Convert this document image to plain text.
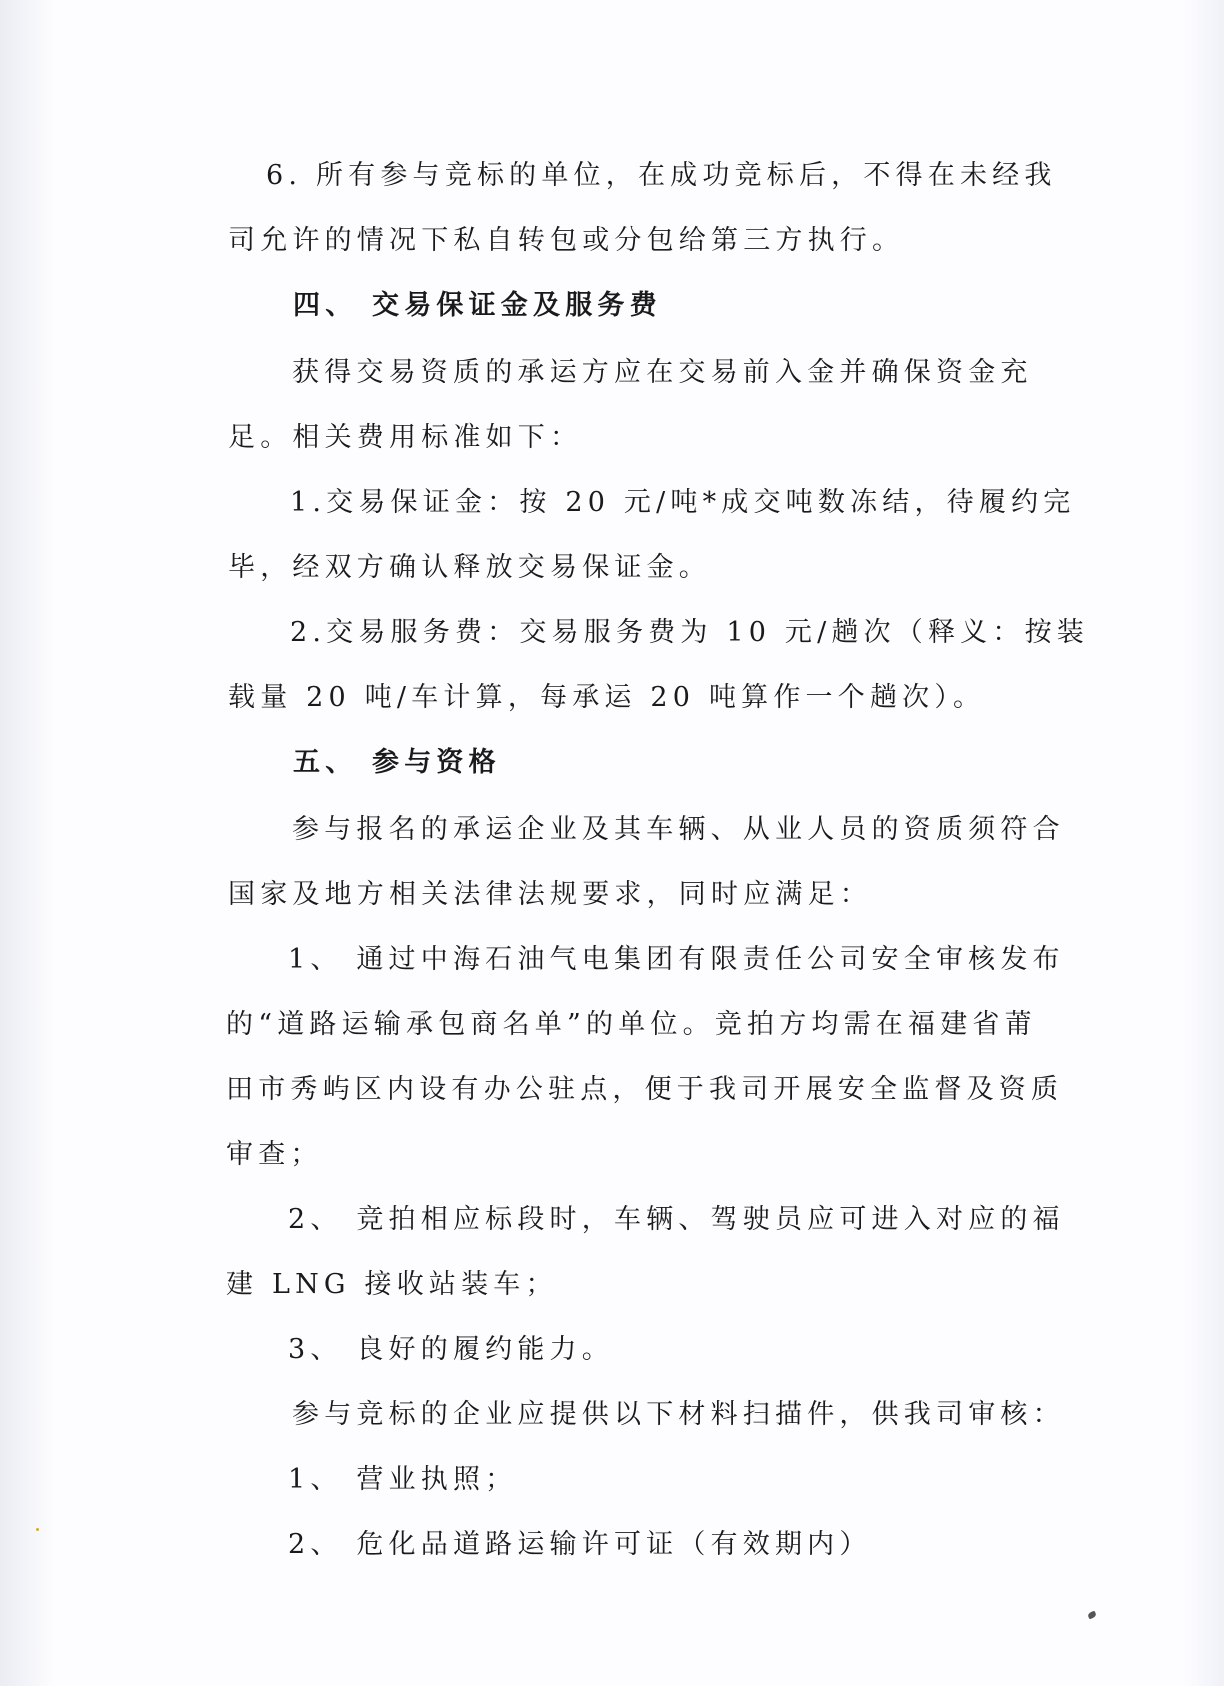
6. 所有参与竞标的单位，在成功竞标后，不得在未经我
司允许的情况下私自转包或分包给第三方执行。
四、 交易保证金及服务费
获得交易资质的承运方应在交易前入金并确保资金充
足。相关费用标准如下：
1.交易保证金：按 20 元/吨*成交吨数冻结，待履约完
毕，经双方确认释放交易保证金。
2.交易服务费：交易服务费为 10 元/趟次（释义：按装
载量 20 吨/车计算，每承运 20 吨算作一个趟次）。
五、 参与资格
参与报名的承运企业及其车辆、从业人员的资质须符合
国家及地方相关法律法规要求，同时应满足：
1、 通过中海石油气电集团有限责任公司安全审核发布
的“道路运输承包商名单”的单位。竞拍方均需在福建省莆
田市秀屿区内设有办公驻点，便于我司开展安全监督及资质
审查；
2、 竞拍相应标段时，车辆、驾驶员应可进入对应的福
建 LNG 接收站装车；
3、 良好的履约能力。
参与竞标的企业应提供以下材料扫描件，供我司审核：
1、 营业执照；
2、 危化品道路运输许可证（有效期内）
